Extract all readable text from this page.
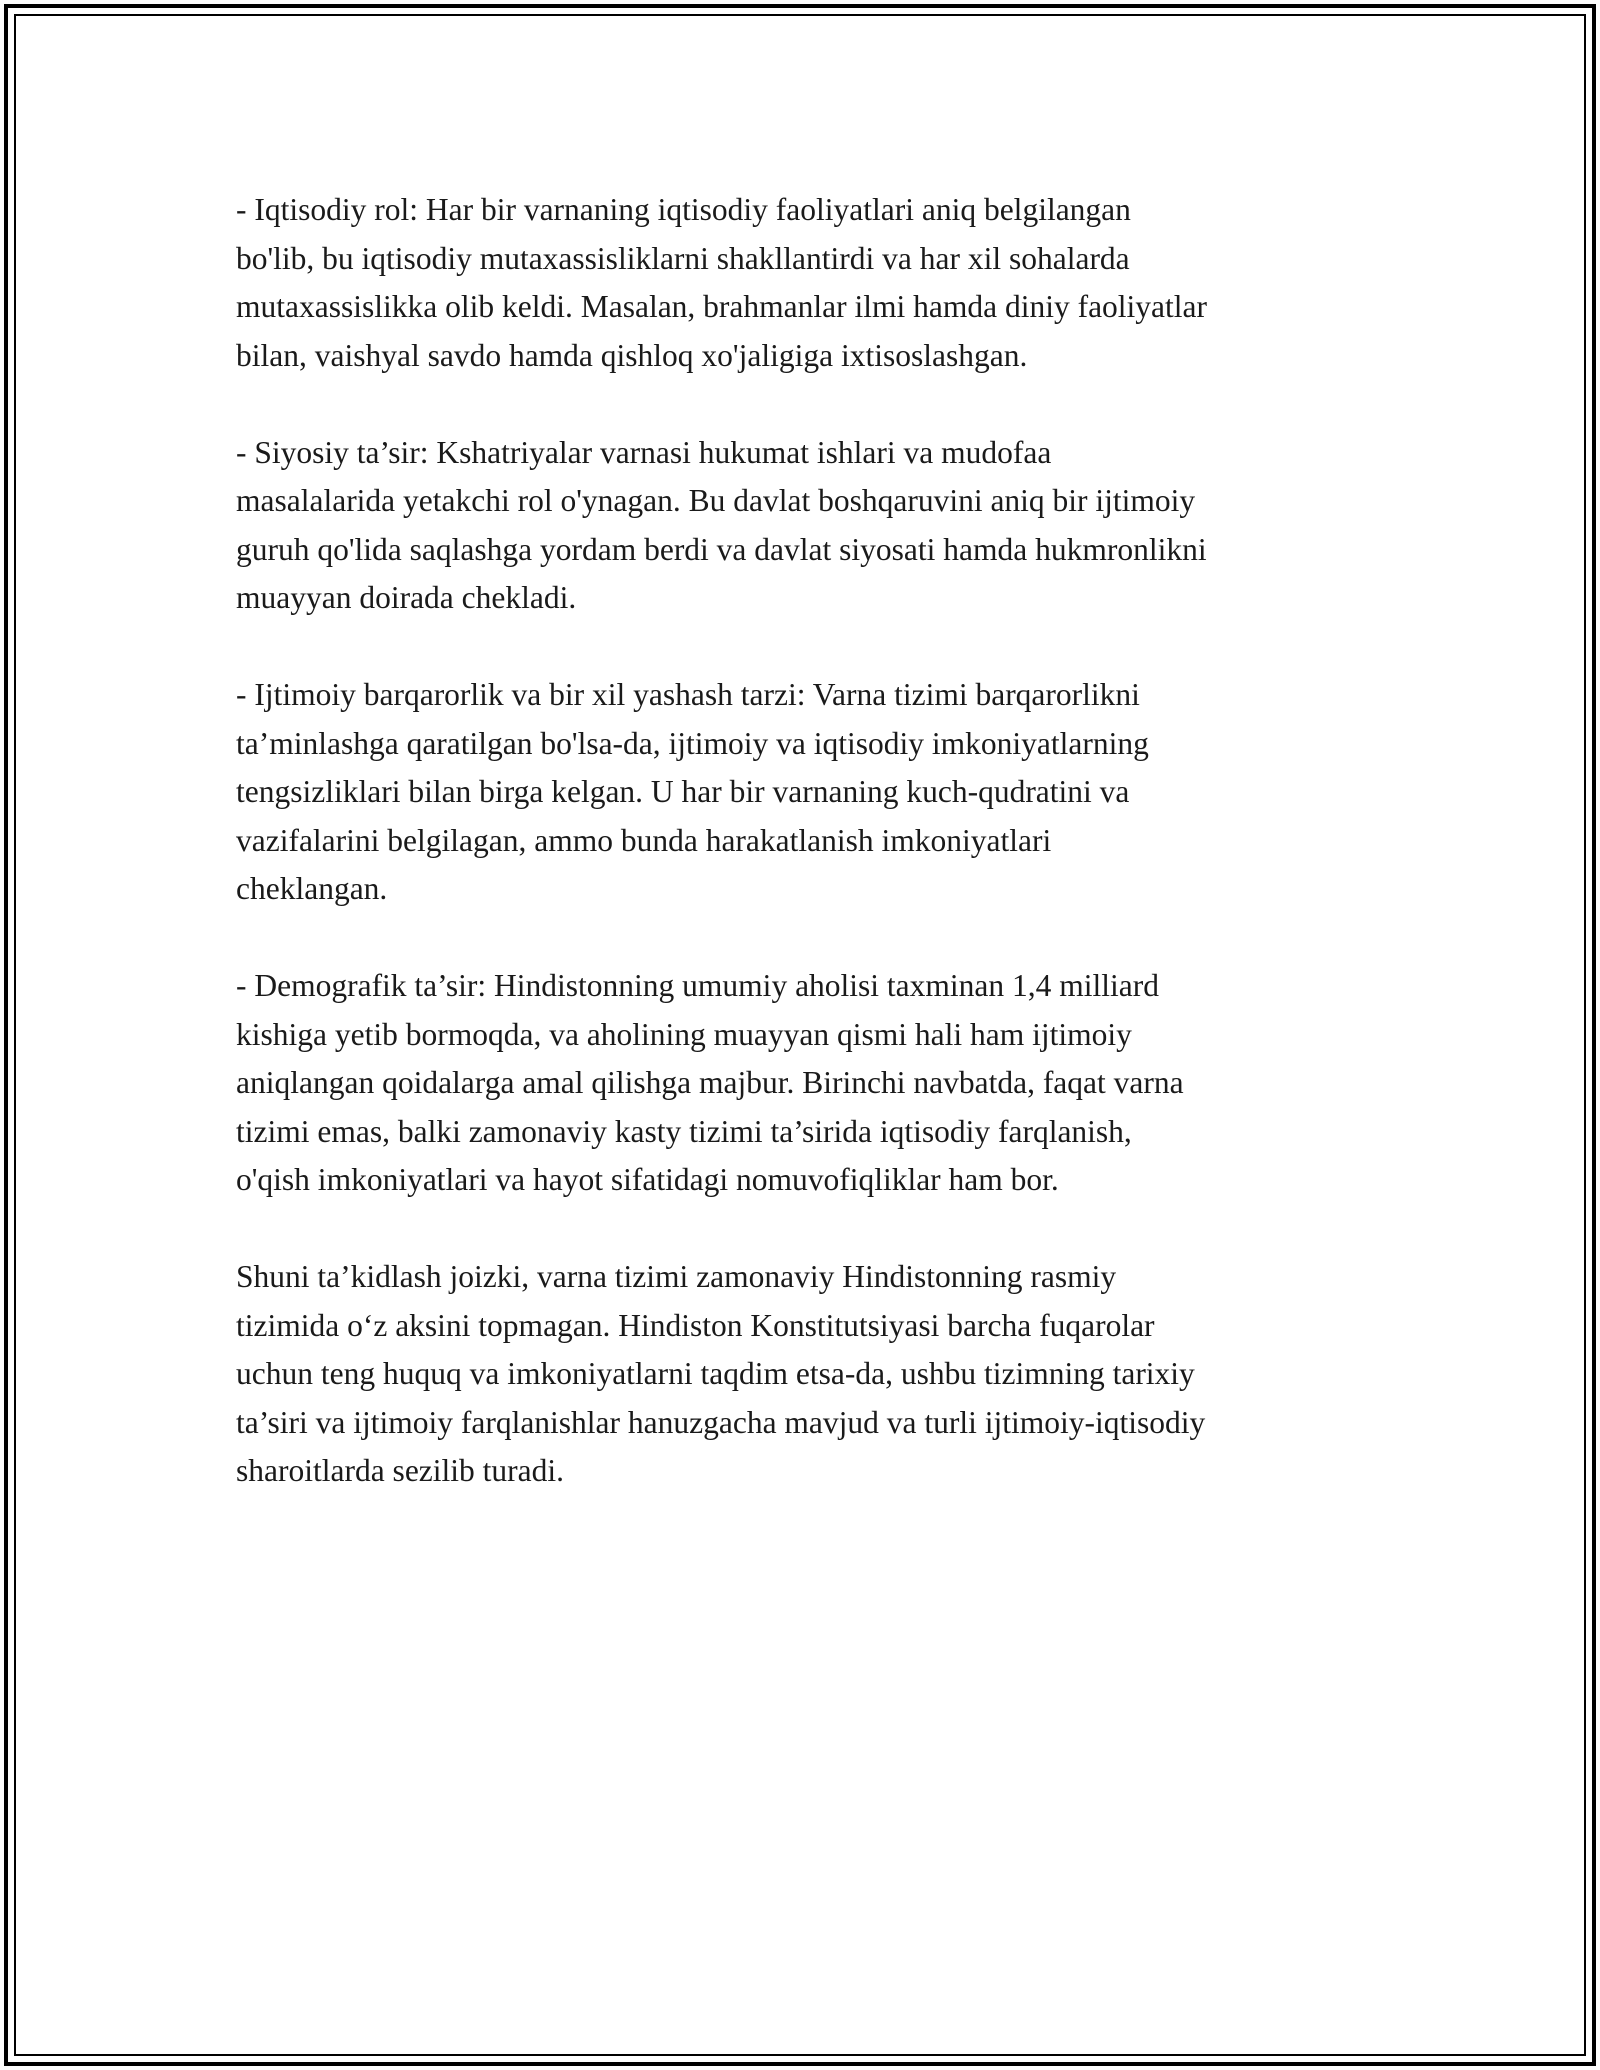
- Iqtisodiy rol: Har bir varnaning iqtisodiy faoliyatlari aniq belgilangan
bo'lib, bu iqtisodiy mutaxassisliklarni shakllantirdi va har xil sohalarda
mutaxassislikka olib keldi. Masalan, brahmanlar ilmi hamda diniy faoliyatlar
bilan, vaishyal savdo hamda qishloq xo'jaligiga ixtisoslashgan.

- Siyosiy ta’sir: Kshatriyalar varnasi hukumat ishlari va mudofaa
masalalarida yetakchi rol o'ynagan. Bu davlat boshqaruvini aniq bir ijtimoiy
guruh qo'lida saqlashga yordam berdi va davlat siyosati hamda hukmronlikni
muayyan doirada chekladi.

- Ijtimoiy barqarorlik va bir xil yashash tarzi: Varna tizimi barqarorlikni
ta’minlashga qaratilgan bo'lsa-da, ijtimoiy va iqtisodiy imkoniyatlarning
tengsizliklari bilan birga kelgan. U har bir varnaning kuch-qudratini va
vazifalarini belgilagan, ammo bunda harakatlanish imkoniyatlari
cheklangan.

- Demografik ta’sir: Hindistonning umumiy aholisi taxminan 1,4 milliard
kishiga yetib bormoqda, va aholining muayyan qismi hali ham ijtimoiy
aniqlangan qoidalarga amal qilishga majbur. Birinchi navbatda, faqat varna
tizimi emas, balki zamonaviy kasty tizimi ta’sirida iqtisodiy farqlanish,
o'qish imkoniyatlari va hayot sifatidagi nomuvofiqliklar ham bor.

Shuni ta’kidlash joizki, varna tizimi zamonaviy Hindistonning rasmiy
tizimida o‘z aksini topmagan. Hindiston Konstitutsiyasi barcha fuqarolar
uchun teng huquq va imkoniyatlarni taqdim etsa-da, ushbu tizimning tarixiy
ta’siri va ijtimoiy farqlanishlar hanuzgacha mavjud va turli ijtimoiy-iqtisodiy
sharoitlarda sezilib turadi.
